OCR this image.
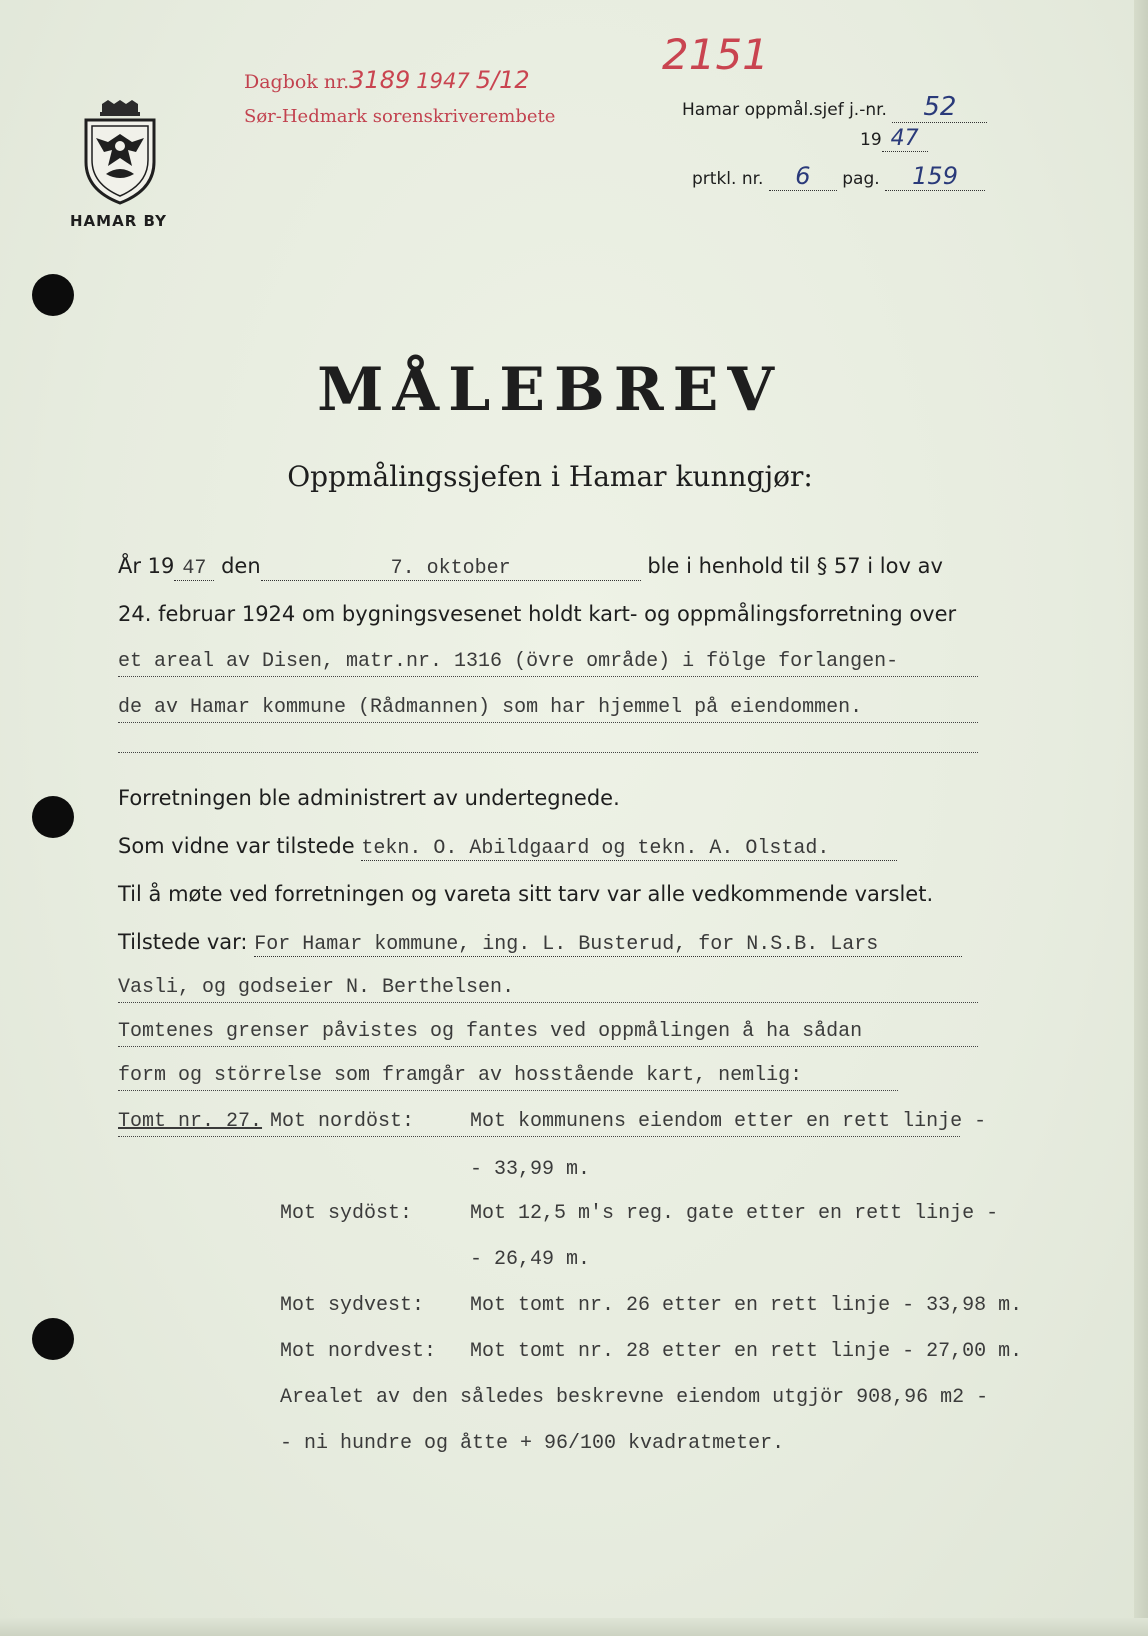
HAMAR BY
Dagbok nr.3189 1947 5/12
Sør-Hedmark sorenskriverembete
2151
Hamar oppmål.sjef j.-nr. 52
19 47
prtkl. nr. 6 pag. 159
MÅLEBREV
Oppmålingssjefen i Hamar kunngjør:
År 19 47 den	7. oktober	ble i henhold til § 57 i lov av
24. februar 1924 om bygningsvesenet holdt kart- og oppmålingsforretning over
et areal av Disen, matr.nr. 1316 (övre område) i fölge forlangen-
de av Hamar kommune (Rådmannen) som har hjemmel på eiendommen.
Forretningen ble administrert av undertegnede.
Som vidne var tilstede tekn. O. Abildgaard og tekn. A. Olstad.
Til å møte ved forretningen og vareta sitt tarv var alle vedkommende varslet.
Tilstede var: For Hamar kommune, ing. L. Busterud, for N.S.B. Lars
Vasli, og godseier N. Berthelsen.
Tomtenes grenser påvistes og fantes ved oppmålingen å ha sådan
form og störrelse som framgår av hosstående kart, nemlig:
Tomt nr. 27. Mot nordöst:	Mot kommunens eiendom etter en rett linje -
- 33,99 m.
Mot sydöst:	Mot 12,5 m's reg. gate etter en rett linje -
- 26,49 m.
Mot sydvest: Mot tomt nr. 26 etter en rett linje - 33,98 m.
Mot nordvest: Mot tomt nr. 28 etter en rett linje - 27,00 m.
Arealet av den således beskrevne eiendom utgjör 908,96 m2 -
- ni hundre og åtte + 96/100 kvadratmeter.
